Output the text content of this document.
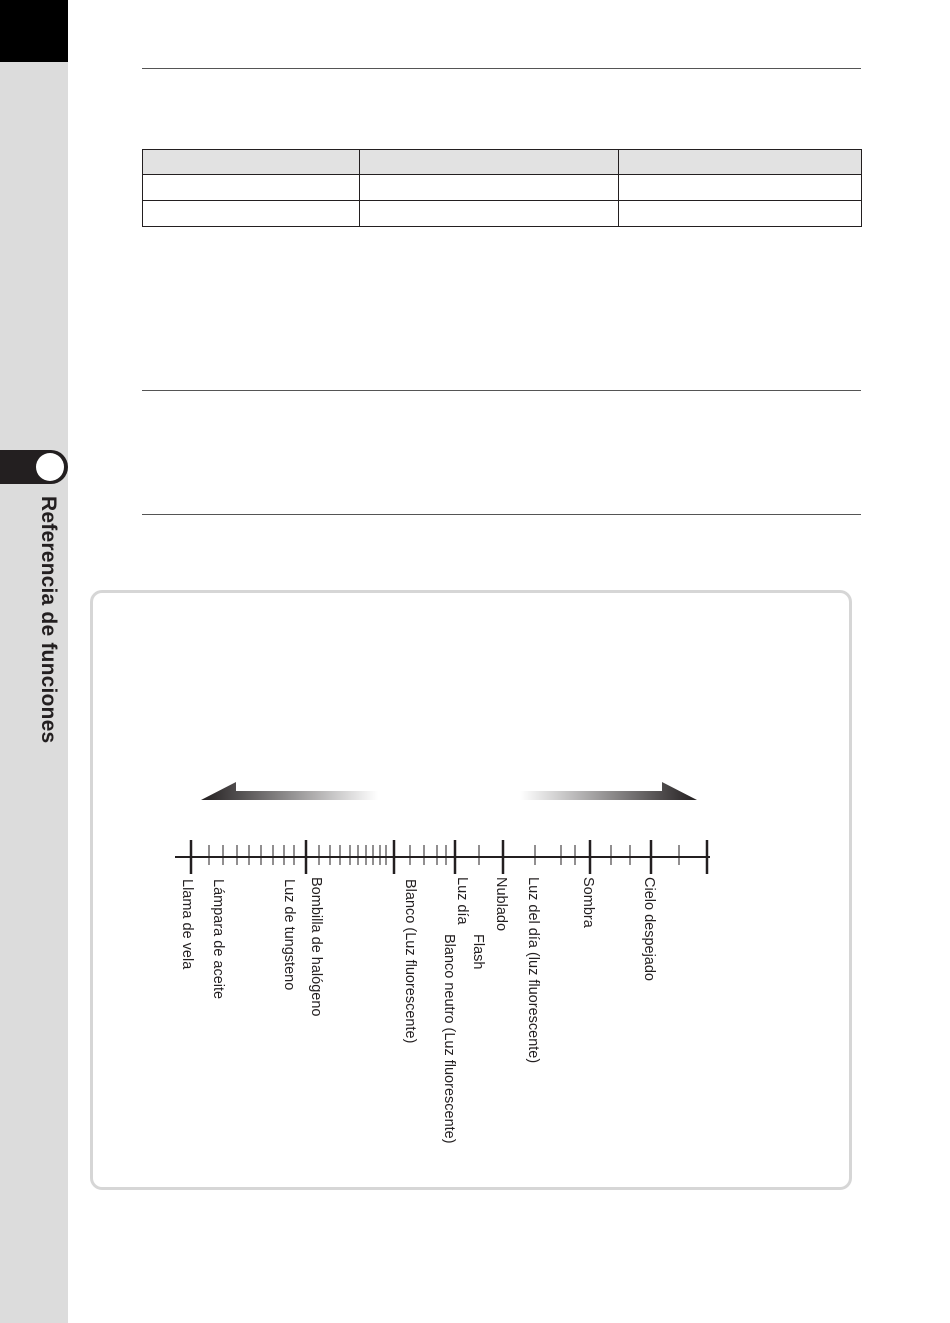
Referencia de funciones

Llama de vela Lámpara de aceite	Luz de tungsteno Bombilla de halógeno	Blanco (Luz fluorescente) Luz día
Blanco neutro (Luz fluorescente) Flash
Nublado Luz del día (luz fluorescente)	Sombra	Cielo despejado
